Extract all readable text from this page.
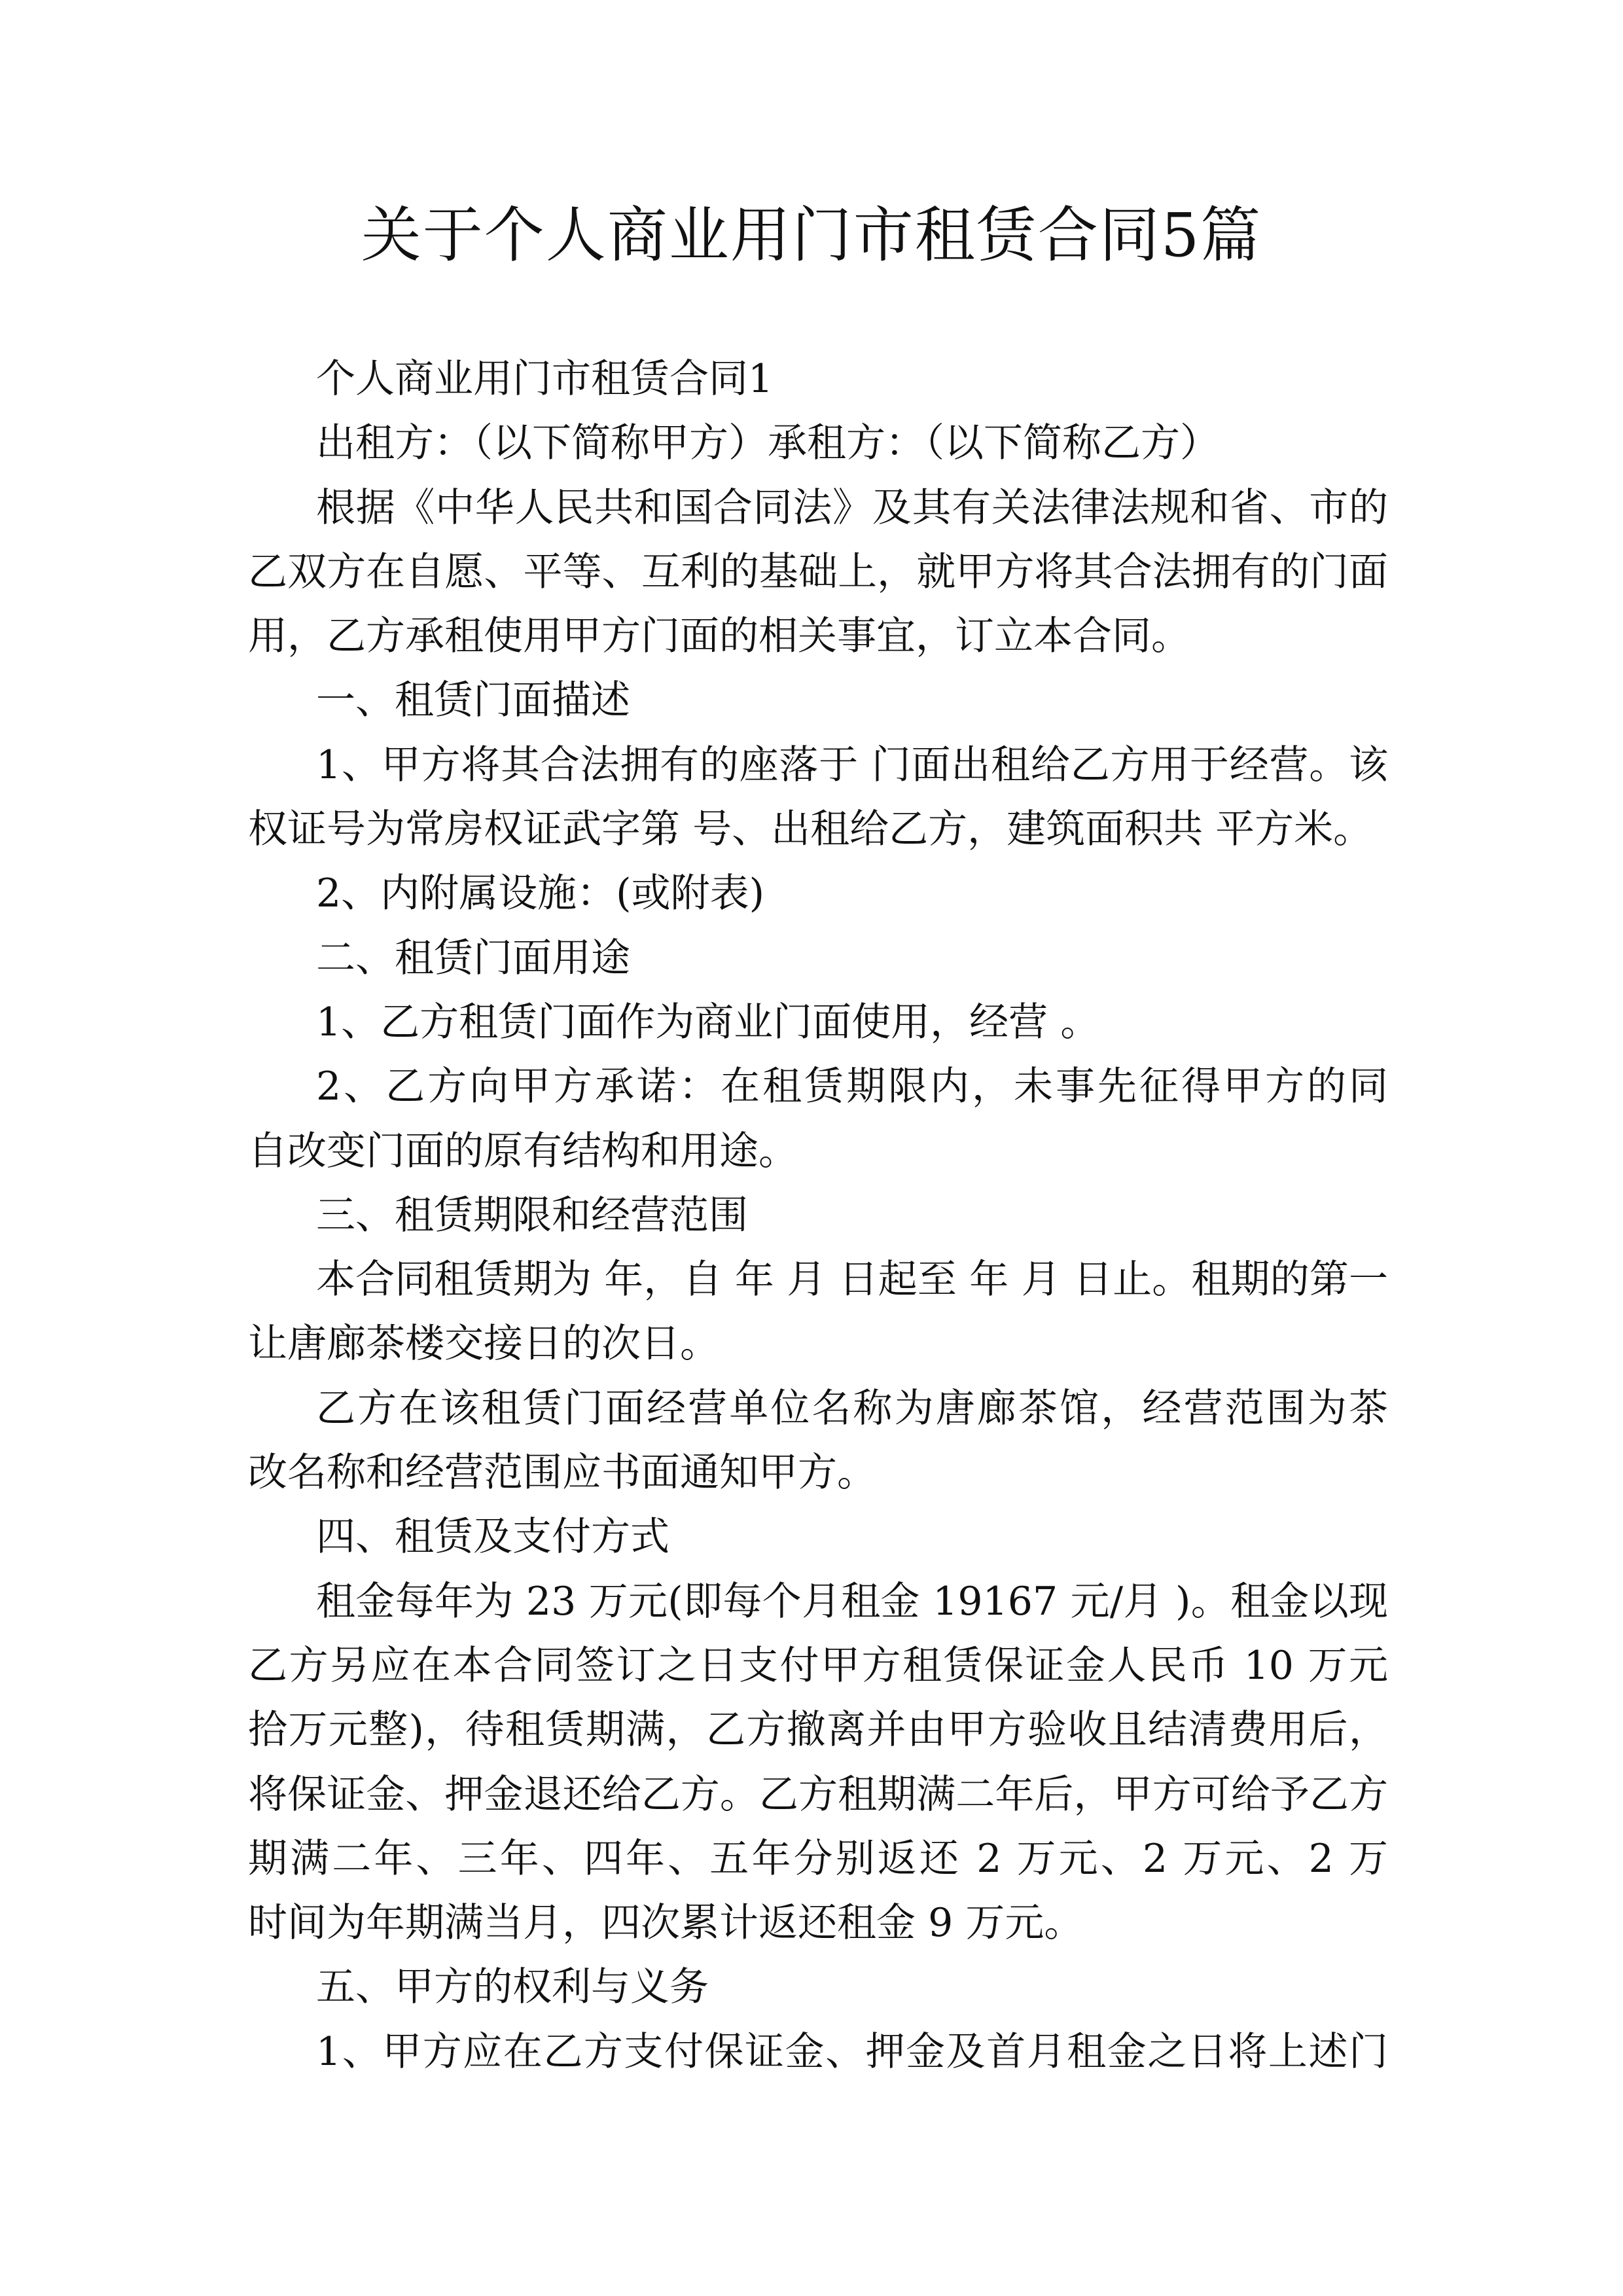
关于个人商业用门市租赁合同5篇
个人商业用门市租赁合同1
出租方：（以下简称甲方）承租方：（以下简称乙方）
根据《中华人民共和国合同法》及其有关法律法规和省、市的
乙双方在自愿、平等、互利的基础上，就甲方将其合法拥有的门面
用，乙方承租使用甲方门面的相关事宜，订立本合同。
一、租赁门面描述
1、甲方将其合法拥有的座落于 门面出租给乙方用于经营。该
权证号为常房权证武字第 号、出租给乙方，建筑面积共 平方米。
2、内附属设施：(或附表)
二、租赁门面用途
1、乙方租赁门面作为商业门面使用，经营 。
2、乙方向甲方承诺：在租赁期限内，未事先征得甲方的同
自改变门面的原有结构和用途。
三、租赁期限和经营范围
本合同租赁期为 年，自 年 月 日起至 年 月 日止。租期的第一
让唐廊茶楼交接日的次日。
乙方在该租赁门面经营单位名称为唐廊茶馆，经营范围为茶
改名称和经营范围应书面通知甲方。
四、租赁及支付方式
租金每年为 23 万元(即每个月租金 19167 元/月 )。租金以现
乙方另应在本合同签订之日支付甲方租赁保证金人民币 10 万元
拾万元整)，待租赁期满，乙方撤离并由甲方验收且结清费用后，
将保证金、押金退还给乙方。乙方租期满二年后，甲方可给予乙方
期满二年、三年、四年、五年分别返还 2 万元、2 万元、2 万
时间为年期满当月，四次累计返还租金 9 万元。
五、甲方的权利与义务
1、甲方应在乙方支付保证金、押金及首月租金之日将上述门
